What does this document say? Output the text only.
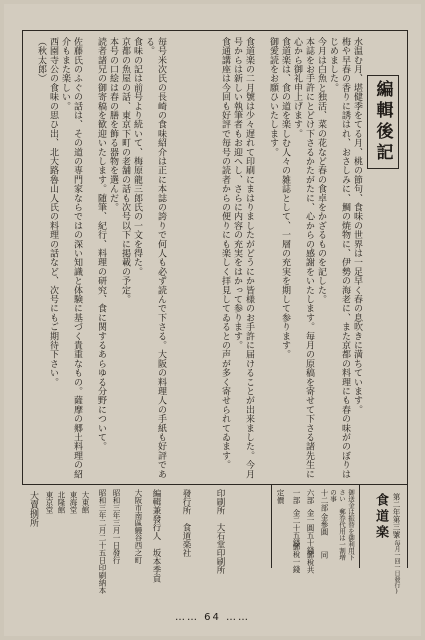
編輯後記
水温む月、堪健季をてる月、桃の節句、食味の世界は一足早く春の息吹きに満ちています。
梅や早春の香りに誘はれ、おさしみに、鯛の焼物に、伊勢の海老に、また京都の料理にも春の味がのぼりはじめました。
今月は白魚と独活、菜の花など春の食卓をかざるものを記した。
本誌をお手許にとどけ下さるかたがたに、心からの感謝をいたします。毎月の原稿を寄せて下さる諸先生に心から御礼申上げます。
食道楽は、食の道を楽しむ人々の雑誌として、一層の充実を期して参ります。
御愛読をお願ひいたします。

食道楽の二月號は少々遅れて印刷にまはりましたがどうにか皆様のお手許に届けることが出来ました。今月号からは新しい執筆者もお迎へし、さらに内容の充実をはかって参ります。
食通講座は今回も好評で毎号の読者からの便りにも楽しく拝見してゐるとの声が多く寄せられてゐます。
毎号米次氏の長崎の食味紹介は正に本誌の誇りで何人も必ず読んで下さる。大阪の料理人の手紙も好評である。
食味の記は前号より続いて、梅原龍三郎氏の一文を得た。
京都の魚屋の話、東京下町の老舗の話も次号以下に掲載の予定。
本号の口絵は春の膳を飾る器物を選んだ。
読者諸兄の御寄稿を歓迎いたします。随筆、紀行、料理の研究、食に関するあらゆる分野について。

佐藤氏のふぐの話は、その道の専門家ならではの深い知識と体験に基づく貴重なもの。薩摩の郷土料理の紹介もまた楽しい。
西園寺公の食味の思ひ出、北大路魯山人氏の料理の話など、次号にもご期待下さい。
（秋太郎）
食道楽 第二年第三號
(毎月一回一日發行)
定價 一部
金二十五錢
六部
金一圓五十錢
十二部
金參圓
郵稅一錢 郵稅共 同	御送金は振替を御利用下さい　郵券代用は一割増の事
昭和三年二月二十五日印刷納本 昭和三年三月一日發行 大阪市南區鰻谷西之町 編輯兼發行人　坂本季貢 發行所　食道楽社	印刷所　大石堂印刷所
大賣捌所 東京堂 北隆館 東海堂 大東館
…… 64 ……
